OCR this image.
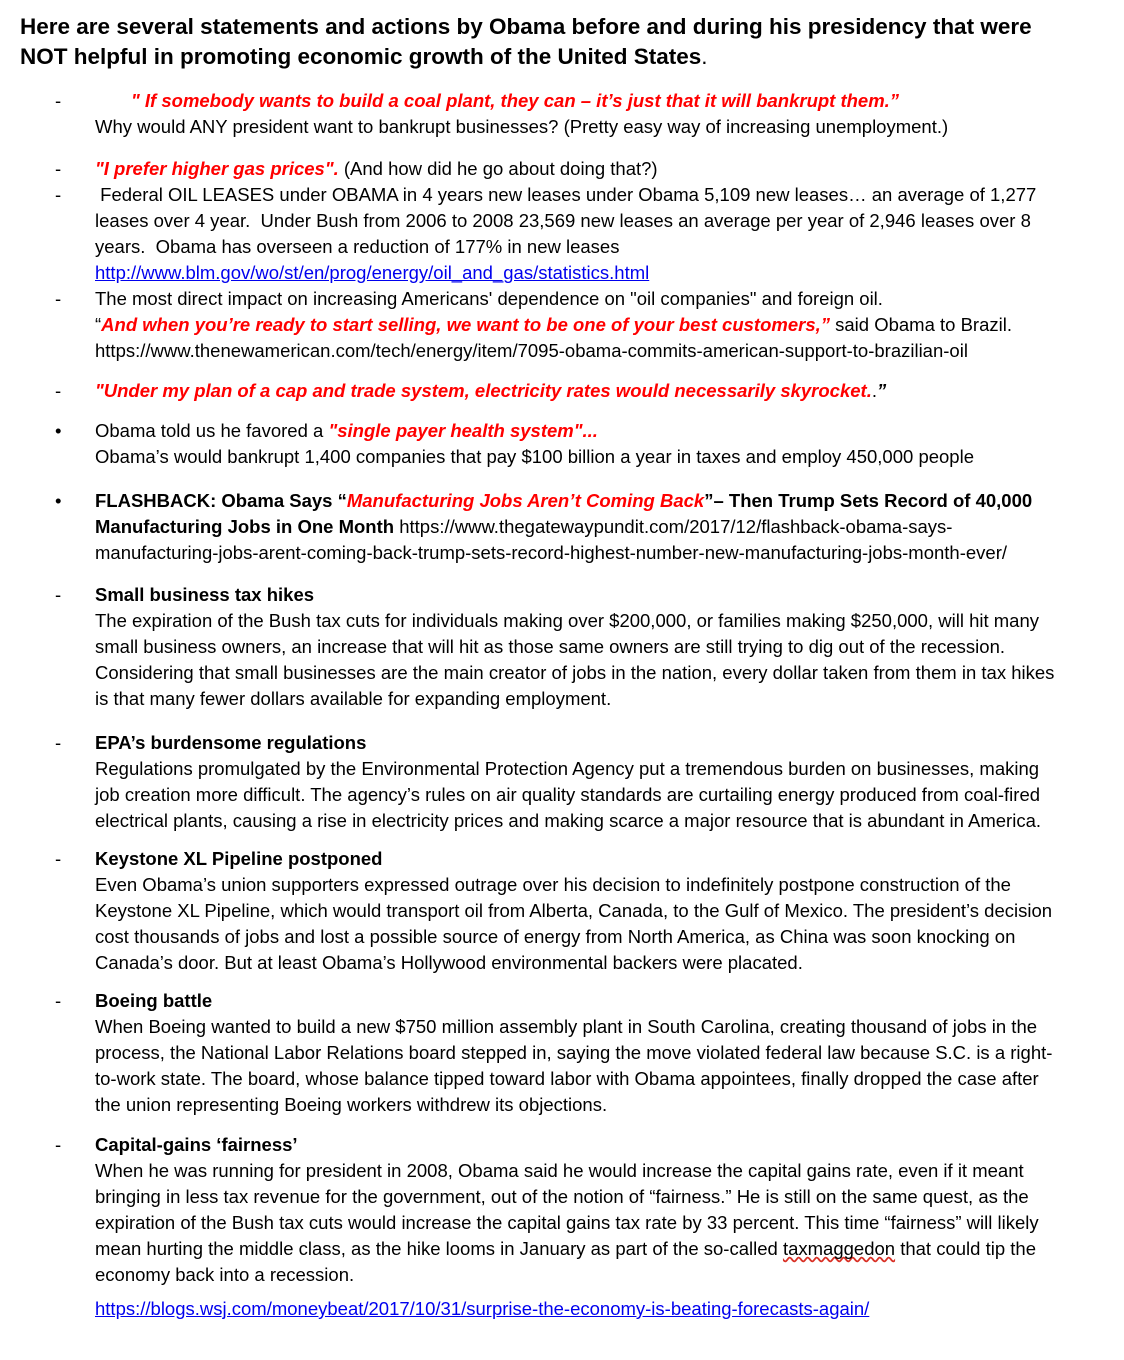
Here are several statements and actions by Obama before and during his presidency that were
NOT helpful in promoting economic growth of the United States.

-	" If somebody wants to build a coal plant, they can – it’s just that it will bankrupt them.”
Why would ANY president want to bankrupt businesses? (Pretty easy way of increasing unemployment.)
-	"I prefer higher gas prices". (And how did he go about doing that?)
-	Federal OIL LEASES under OBAMA in 4 years new leases under Obama 5,109 new leases… an average of 1,277 leases over 4 year.  Under Bush from 2006 to 2008 23,569 new leases an average per year of 2,946 leases over 8 years.  Obama has overseen a reduction of 177% in new leases
http://www.blm.gov/wo/st/en/prog/energy/oil_and_gas/statistics.html
-	The most direct impact on increasing Americans' dependence on "oil companies" and foreign oil.
“And when you’re ready to start selling, we want to be one of your best customers,” said Obama to Brazil.
https://www.thenewamerican.com/tech/energy/item/7095-obama-commits-american-support-to-brazilian-oil
-	"Under my plan of a cap and trade system, electricity rates would necessarily skyrocket..”
•	Obama told us he favored a "single payer health system"...
Obama’s would bankrupt 1,400 companies that pay $100 billion a year in taxes and employ 450,000 people
•	FLASHBACK: Obama Says “Manufacturing Jobs Aren’t Coming Back”– Then Trump Sets Record of 40,000 Manufacturing Jobs in One Month https://www.thegatewaypundit.com/2017/12/flashback-obama-says-manufacturing-jobs-arent-coming-back-trump-sets-record-highest-number-new-manufacturing-jobs-month-ever/
-	Small business tax hikes
The expiration of the Bush tax cuts for individuals making over $200,000, or families making $250,000, will hit many small business owners, an increase that will hit as those same owners are still trying to dig out of the recession. Considering that small businesses are the main creator of jobs in the nation, every dollar taken from them in tax hikes is that many fewer dollars available for expanding employment.
-	EPA’s burdensome regulations
Regulations promulgated by the Environmental Protection Agency put a tremendous burden on businesses, making job creation more difficult. The agency’s rules on air quality standards are curtailing energy produced from coal-fired electrical plants, causing a rise in electricity prices and making scarce a major resource that is abundant in America.
-	Keystone XL Pipeline postponed
Even Obama’s union supporters expressed outrage over his decision to indefinitely postpone construction of the Keystone XL Pipeline, which would transport oil from Alberta, Canada, to the Gulf of Mexico. The president’s decision cost thousands of jobs and lost a possible source of energy from North America, as China was soon knocking on Canada’s door. But at least Obama’s Hollywood environmental backers were placated.
-	Boeing battle
When Boeing wanted to build a new $750 million assembly plant in South Carolina, creating thousand of jobs in the process, the National Labor Relations board stepped in, saying the move violated federal law because S.C. is a right-to-work state. The board, whose balance tipped toward labor with Obama appointees, finally dropped the case after the union representing Boeing workers withdrew its objections.
-	Capital-gains ‘fairness’
When he was running for president in 2008, Obama said he would increase the capital gains rate, even if it meant bringing in less tax revenue for the government, out of the notion of “fairness.” He is still on the same quest, as the expiration of the Bush tax cuts would increase the capital gains tax rate by 33 percent. This time “fairness” will likely mean hurting the middle class, as the hike looms in January as part of the so-called taxmaggedon that could tip the economy back into a recession.

https://blogs.wsj.com/moneybeat/2017/10/31/surprise-the-economy-is-beating-forecasts-again/
